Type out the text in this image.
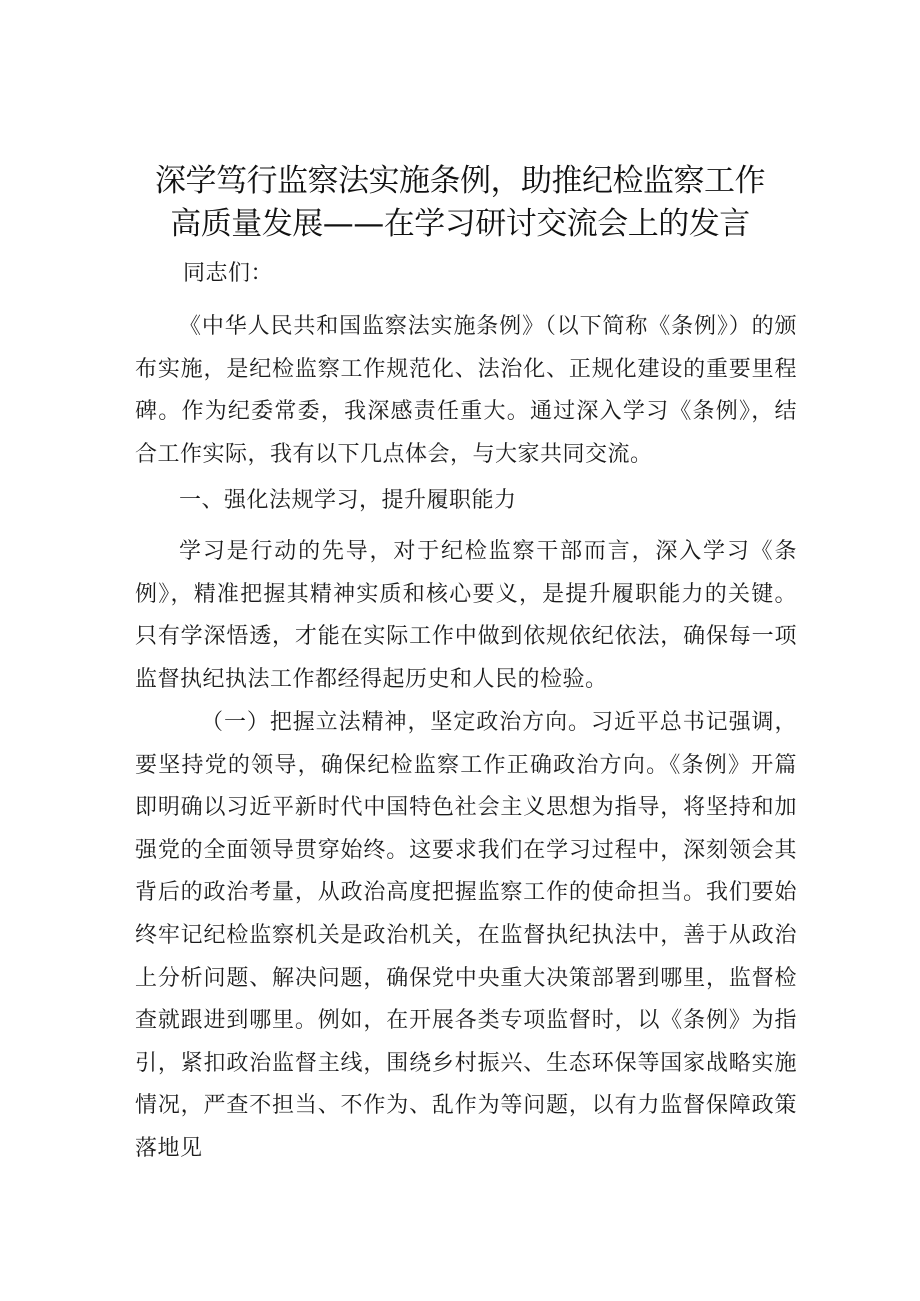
深学笃行监察法实施条例，助推纪检监察工作
高质量发展——在学习研讨交流会上的发言
同志们：
《中华人民共和国监察法实施条例》（以下简称《条例》）的颁布实施，是纪检监察工作规范化、法治化、正规化建设的重要里程碑。作为纪委常委，我深感责任重大。通过深入学习《条例》，结合工作实际，我有以下几点体会，与大家共同交流。
一、强化法规学习，提升履职能力
学习是行动的先导，对于纪检监察干部而言，深入学习《条例》，精准把握其精神实质和核心要义，是提升履职能力的关键。只有学深悟透，才能在实际工作中做到依规依纪依法，确保每一项监督执纪执法工作都经得起历史和人民的检验。
（一）把握立法精神，坚定政治方向。习近平总书记强调，要坚持党的领导，确保纪检监察工作正确政治方向。《条例》开篇即明确以习近平新时代中国特色社会主义思想为指导，将坚持和加强党的全面领导贯穿始终。这要求我们在学习过程中，深刻领会其背后的政治考量，从政治高度把握监察工作的使命担当。我们要始终牢记纪检监察机关是政治机关，在监督执纪执法中，善于从政治上分析问题、解决问题，确保党中央重大决策部署到哪里，监督检查就跟进到哪里。例如，在开展各类专项监督时，以《条例》为指引，紧扣政治监督主线，围绕乡村振兴、生态环保等国家战略实施情况，严查不担当、不作为、乱作为等问题，以有力监督保障政策落地见
